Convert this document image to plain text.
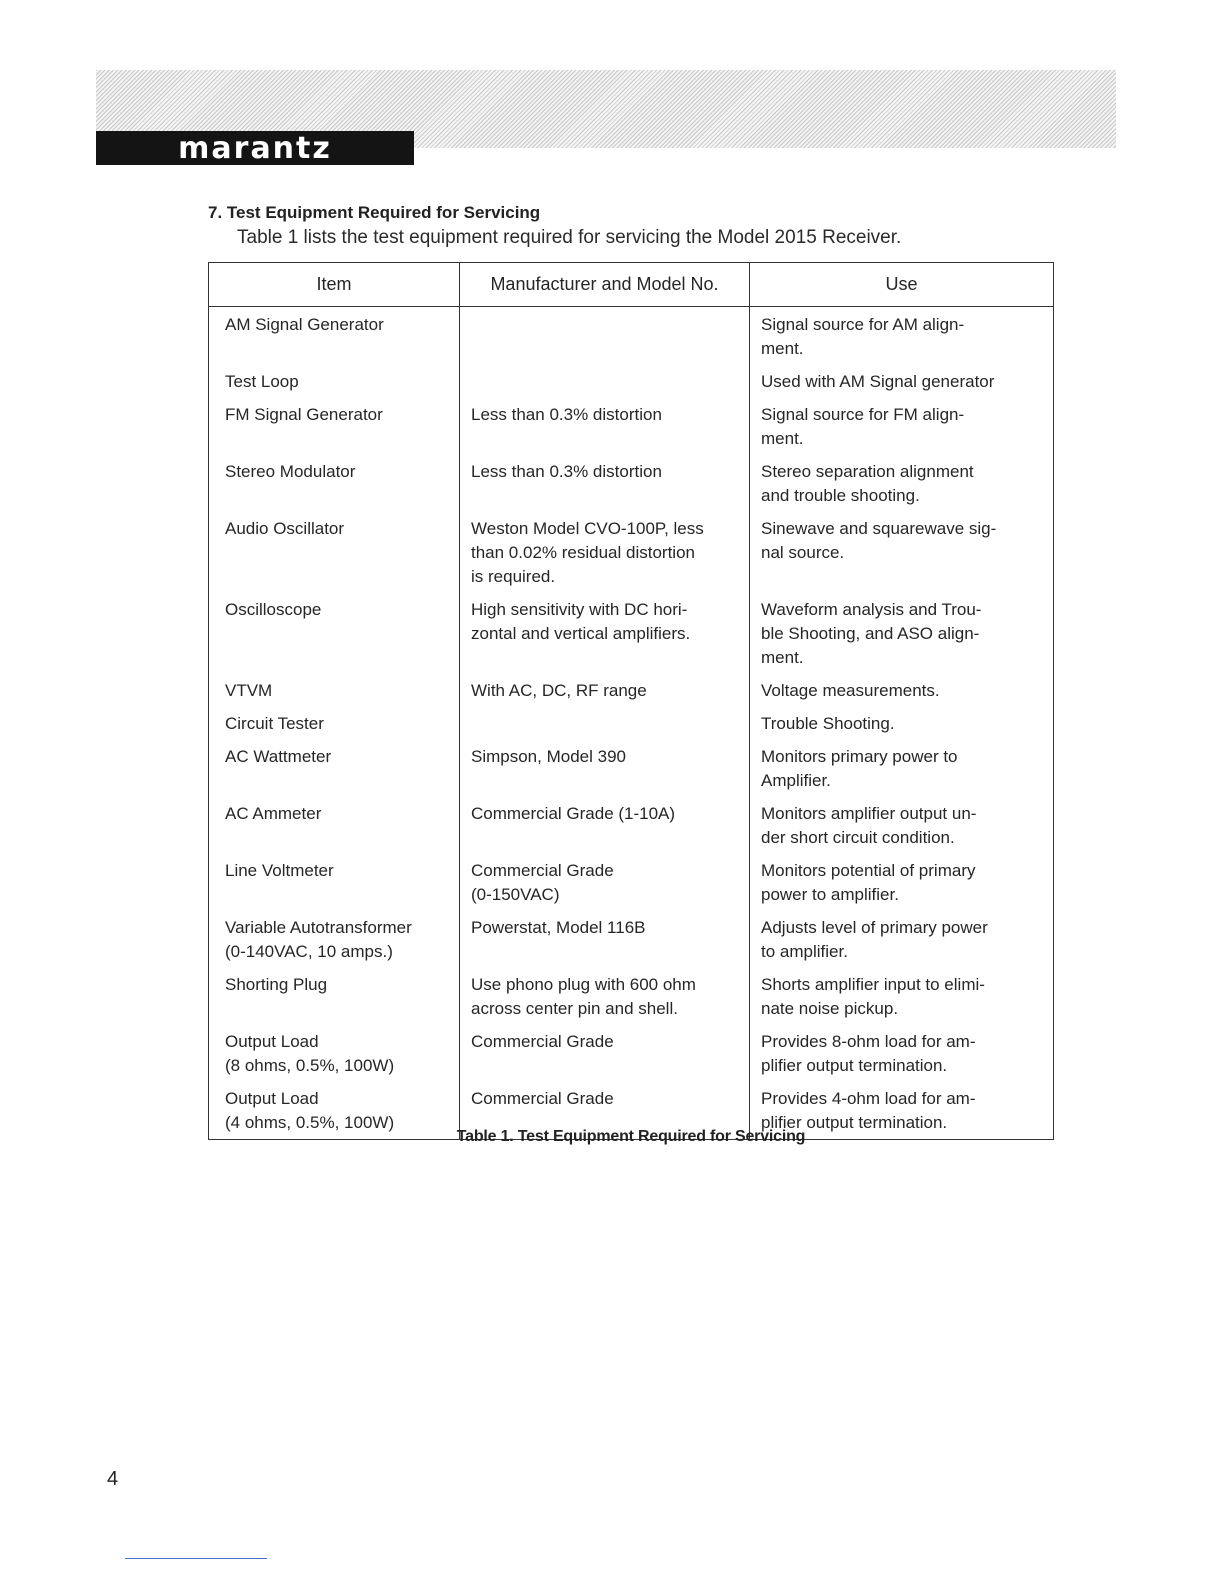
marantz
7. Test Equipment Required for Servicing
Table 1 lists the test equipment required for servicing the Model 2015 Receiver.
Item	Manufacturer and Model No.	Use

AM Signal Generator		Signal source for AM align-
ment.

Test Loop		Used with AM Signal generator

FM Signal Generator	Less than 0.3% distortion	Signal source for FM align-
ment.

Stereo Modulator	Less than 0.3% distortion	Stereo separation alignment
and trouble shooting.

Audio Oscillator	Weston Model CVO-100P, less
than 0.02% residual distortion
is required.	Sinewave and squarewave sig-
nal source.

Oscilloscope	High sensitivity with DC hori-
zontal and vertical amplifiers.	Waveform analysis and Trou-
ble Shooting, and ASO align-
ment.

VTVM	With AC, DC, RF range	Voltage measurements.

Circuit Tester		Trouble Shooting.

AC Wattmeter	Simpson, Model 390	Monitors primary power to
Amplifier.

AC Ammeter	Commercial Grade (1-10A)	Monitors amplifier output un-
der short circuit condition.

Line Voltmeter	Commercial Grade
(0-150VAC)	Monitors potential of primary
power to amplifier.

Variable Autotransformer
(0-140VAC, 10 amps.)	Powerstat, Model 116B	Adjusts level of primary power
to amplifier.

Shorting Plug	Use phono plug with 600 ohm
across center pin and shell.	Shorts amplifier input to elimi-
nate noise pickup.

Output Load
(8 ohms, 0.5%, 100W)	Commercial Grade	Provides 8-ohm load for am-
plifier output termination.

Output Load
(4 ohms, 0.5%, 100W)	Commercial Grade	Provides 4-ohm load for am-
plifier output termination.
Table 1. Test Equipment Required for Servicing
4
